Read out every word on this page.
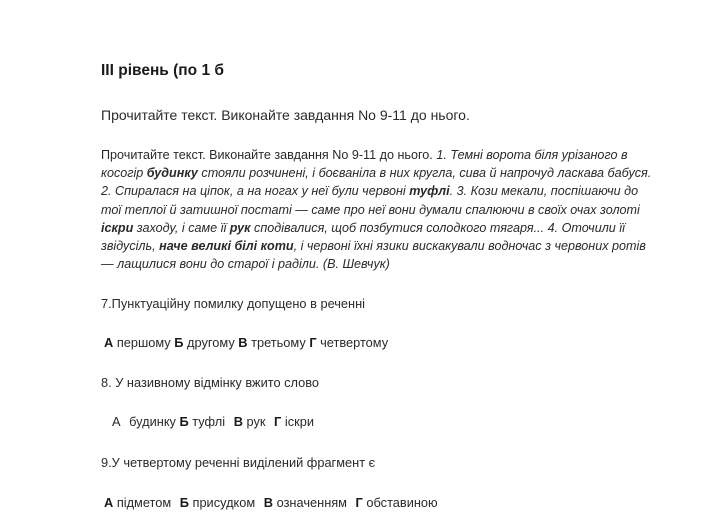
ІІІ рівень (по 1 б
Прочитайте текст. Виконайте завдання No 9-11 до нього.
Прочитайте текст. Виконайте завдання No 9-11 до нього. 1. Темні ворота біля урізаного в косогір будинку стояли розчинені, і боєваніла в них кругла, сива й напрочуд ласкава бабуся. 2. Спиралася на ціпок, а на ногах у неї були червоні туфлі. 3. Кози мекали, поспішаючи до тої теплої й затишної постаті — саме про неї вони думали спалюючи в своїх очах золоті іскри заходу, і саме її рук сподівалися, щоб позбутися солодкого тягаря... 4. Оточили її звідусіль, наче великі білі коти, і червоні їхні язики вискакували водночас з червоних ротів — лащилися вони до старої і раділи. (В. Шевчук)
7.Пунктуаційну помилку допущено в реченні
А першому Б другому В третьому Г четвертому
8. У називному відмінку вжито слово
А будинку Б туфлі В рук Г іскри
9.У четвертому реченні виділений фрагмент є
А підметом Б присудком В означенням Г обставиною
